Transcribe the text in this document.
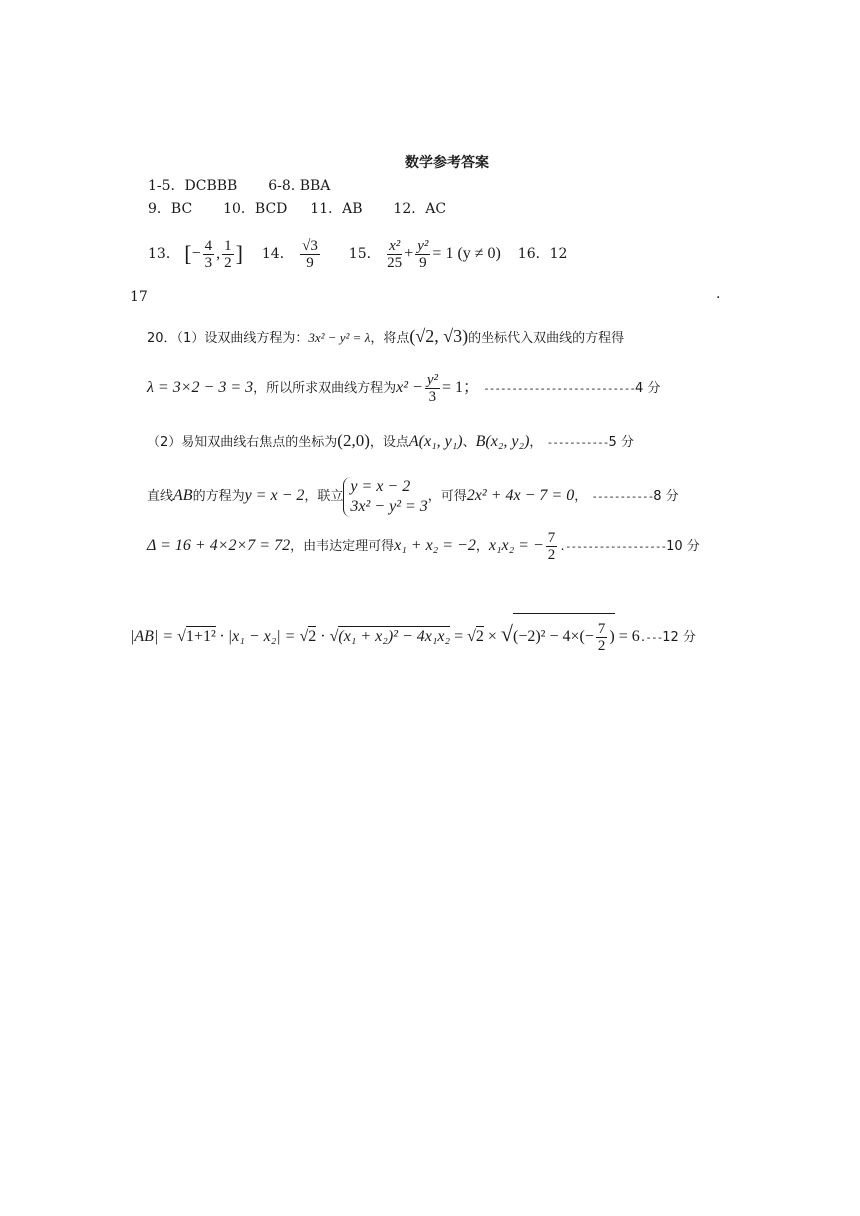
数学参考答案
1-5．DCBBB 6-8. BBA
9．BC 10．BCD 11．AB 12．AC
13． [− $\frac{4}{3}$ , $\frac{1}{2}$ ] 14． $\frac{√3}{9} 15$． $\frac{\text{x²}}{25} + \frac{\text{y²}}{9} = 1$ (y ≠ 0) 16．12
17	.
20．（1）设双曲线方程为：3x² − y² = λ，将点(√2, √3)的坐标代入双曲线的方程得
λ = 3×2 − 3 = 3，所以所求双曲线方程为$x^2 - \frac{\text{y²}}{3} = 1$； ---------------------------4 分
（2）易知双曲线右焦点的坐标为(2,0)，设点A(x₁, y₁)、B(x₂, y₂)， -----------5 分
直线AB的方程为y = x − 2，联立
y = x − 2
3x² − y² = 3
，可得2x² + 4x − 7 = 0， -----------8 分
Δ = 16 + 4×2×7 = 72，由韦达定理可得x₁ + x₂ = −2，x₁x₂ = − $\frac{7}{2} .------------------10$ 分
$|AB| = √1+1^2 \cdot |x_1 - x_2| = √2 \cdot √(x_1 + x_2)^2 - 4x_1x_2 = √2 \times √(-2)^2 - 4\times(- \frac{7}{2}$ ) = 6.---12 分
